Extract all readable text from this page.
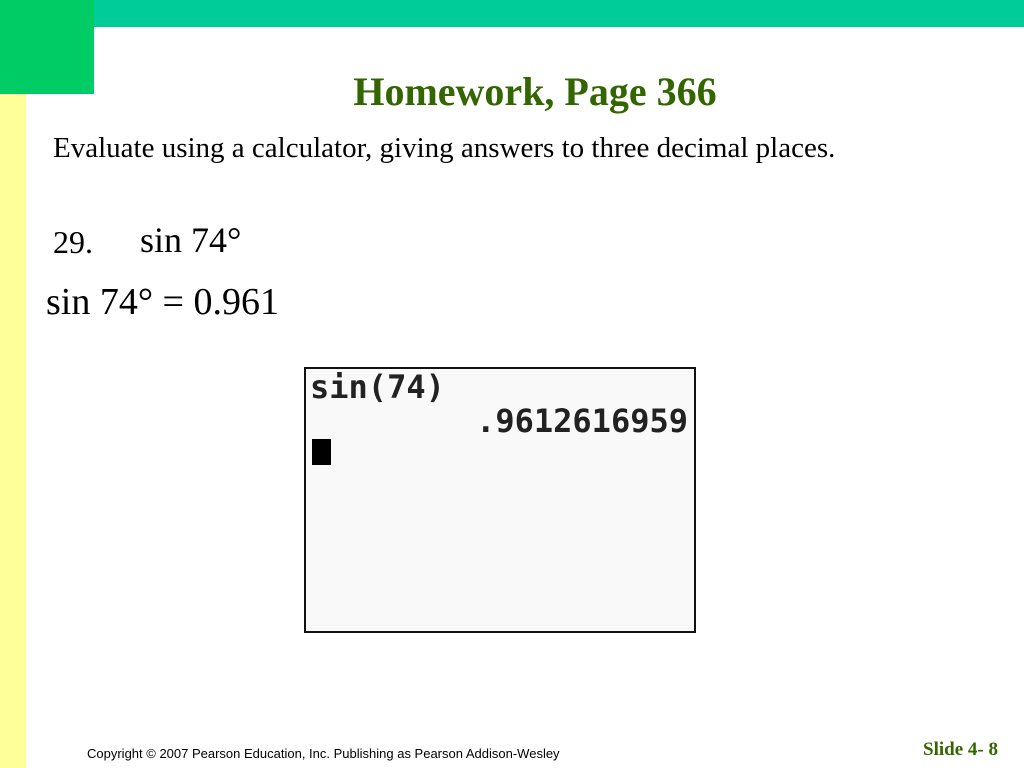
Homework, Page 366
Evaluate using a calculator, giving answers to three decimal places.
29. sin 74°
sin 74° = 0.961
sin(74)
.9612616959
Copyright © 2007 Pearson Education, Inc. Publishing as Pearson Addison-Wesley	Slide 4- 8
